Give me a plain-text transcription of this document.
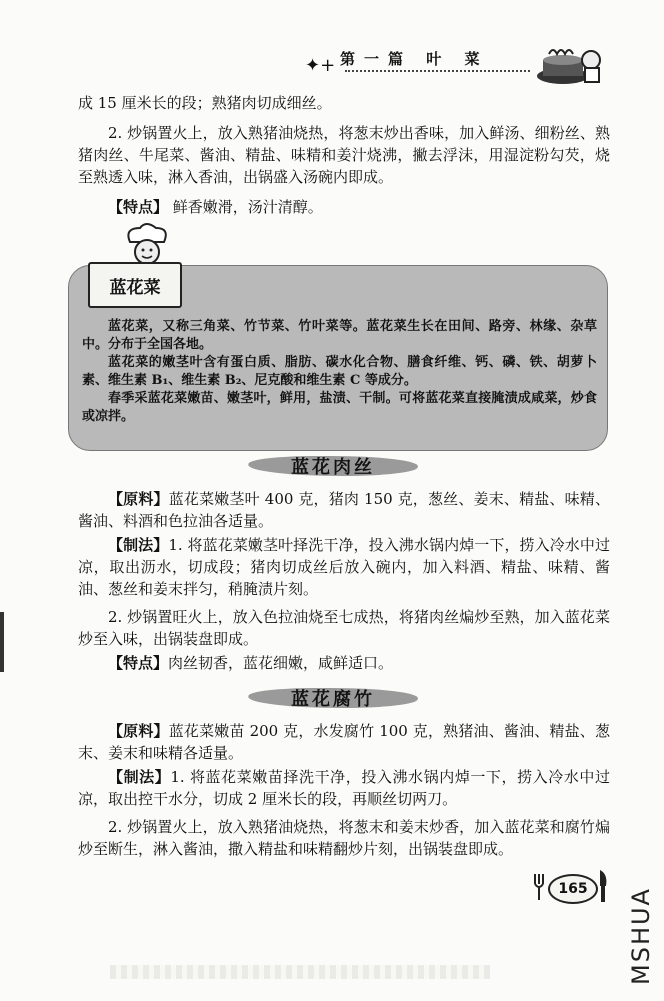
✦+ 第一篇 叶 菜
成 15 厘米长的段；熟猪肉切成细丝。
2. 炒锅置火上，放入熟猪油烧热，将葱末炒出香味，加入鲜汤、细粉丝、熟猪肉丝、牛尾菜、酱油、精盐、味精和姜汁烧沸，撇去浮沫，用湿淀粉勾芡，烧至熟透入味，淋入香油，出锅盛入汤碗内即成。
【特点】 鲜香嫩滑，汤汁清醇。
蓝花菜
蓝花菜，又称三角菜、竹节菜、竹叶菜等。蓝花菜生长在田间、路旁、林缘、杂草中。分布于全国各地。
蓝花菜的嫩茎叶含有蛋白质、脂肪、碳水化合物、膳食纤维、钙、磷、铁、胡萝卜素、维生素 B₁、维生素 B₂、尼克酸和维生素 C 等成分。
春季采蓝花菜嫩苗、嫩茎叶，鲜用，盐渍、干制。可将蓝花菜直接腌渍成咸菜，炒食或凉拌。
蓝花肉丝
【原料】蓝花菜嫩茎叶 400 克，猪肉 150 克，葱丝、姜末、精盐、味精、酱油、料酒和色拉油各适量。
【制法】1. 将蓝花菜嫩茎叶择洗干净，投入沸水锅内焯一下，捞入冷水中过凉，取出沥水，切成段；猪肉切成丝后放入碗内，加入料酒、精盐、味精、酱油、葱丝和姜末拌匀，稍腌渍片刻。
2. 炒锅置旺火上，放入色拉油烧至七成热，将猪肉丝煸炒至熟，加入蓝花菜炒至入味，出锅装盘即成。
【特点】肉丝韧香，蓝花细嫩，咸鲜适口。
蓝花腐竹
【原料】蓝花菜嫩苗 200 克，水发腐竹 100 克，熟猪油、酱油、精盐、葱末、姜末和味精各适量。
【制法】1. 将蓝花菜嫩苗择洗干净，投入沸水锅内焯一下，捞入冷水中过凉，取出控干水分，切成 2 厘米长的段，再顺丝切两刀。
2. 炒锅置火上，放入熟猪油烧热，将葱末和姜末炒香，加入蓝花菜和腐竹煸炒至断生，淋入酱油，撒入精盐和味精翻炒片刻，出锅装盘即成。
165	MSHUA
